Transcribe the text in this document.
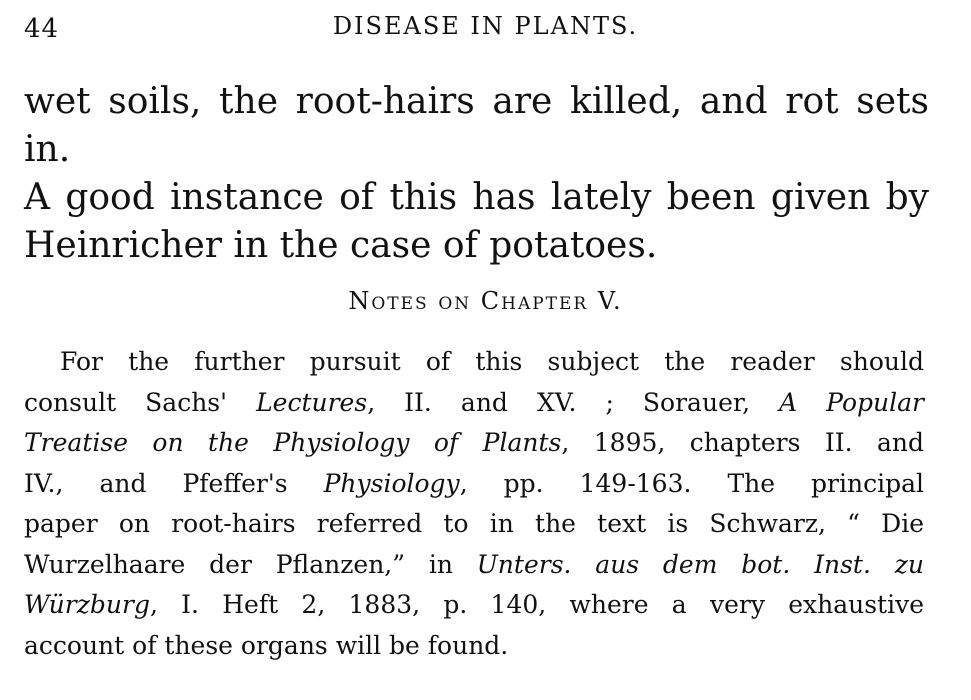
44	DISEASE IN PLANTS.

wet soils, the root-hairs are killed, and rot sets in.
A good instance of this has lately been given by
Heinricher in the case of potatoes.

Notes on Chapter V.

For the further pursuit of this subject the reader should
consult Sachs' Lectures, II. and XV. ; Sorauer, A Popular
Treatise on the Physiology of Plants, 1895, chapters II. and
IV., and Pfeffer's Physiology, pp. 149-163. The principal
paper on root-hairs referred to in the text is Schwarz, “ Die
Wurzelhaare der Pflanzen,” in Unters. aus dem bot. Inst. zu
Würzburg, I. Heft 2, 1883, p. 140, where a very exhaustive
account of these organs will be found.
